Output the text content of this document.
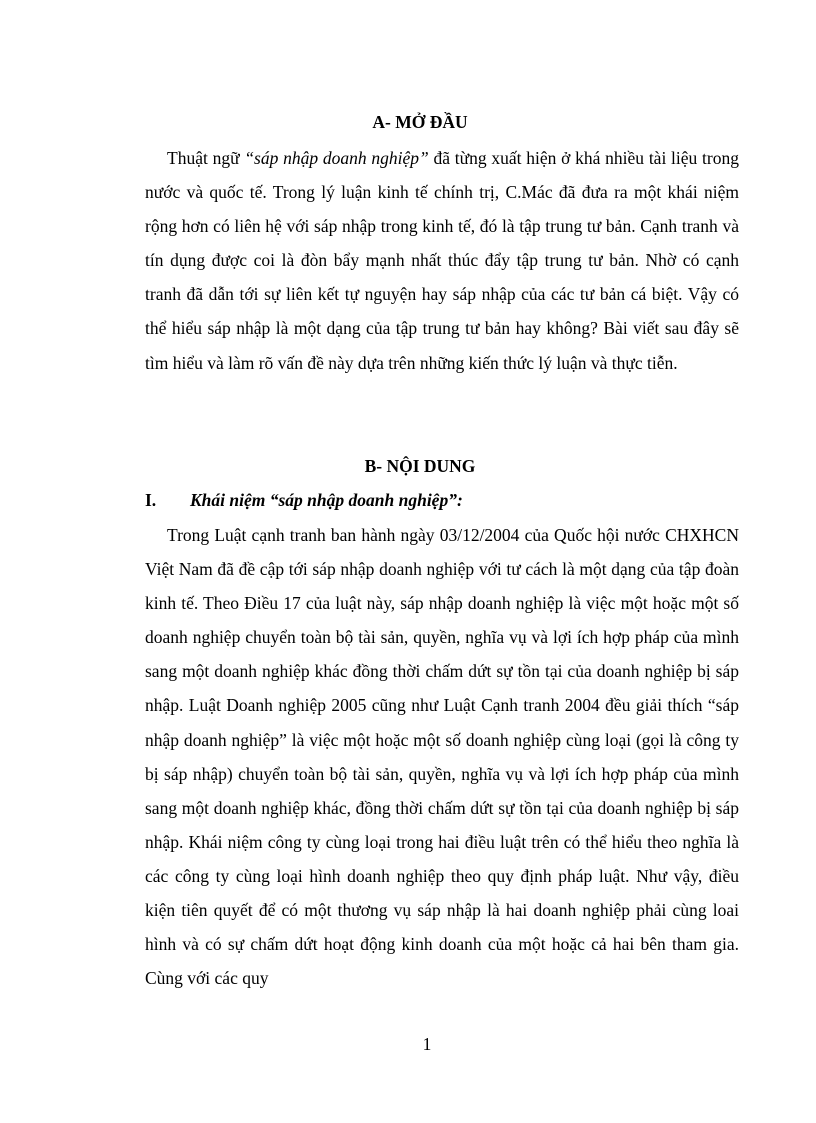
A- MỞ ĐẦU

Thuật ngữ “sáp nhập doanh nghiệp” đã từng xuất hiện ở khá nhiều tài liệu trong nước và quốc tế. Trong lý luận kinh tế chính trị, C.Mác đã đưa ra một khái niệm rộng hơn có liên hệ với sáp nhập trong kinh tế, đó là tập trung tư bản. Cạnh tranh và tín dụng được coi là đòn bẩy mạnh nhất thúc đẩy tập trung tư bản. Nhờ có cạnh tranh đã dẫn tới sự liên kết tự nguyện hay sáp nhập của các tư bản cá biệt. Vậy có thể hiểu sáp nhập là một dạng của tập trung tư bản hay không? Bài viết sau đây sẽ tìm hiểu và làm rõ vấn đề này dựa trên những kiến thức lý luận và thực tiễn.

B- NỘI DUNG
I. Khái niệm “sáp nhập doanh nghiệp”:

Trong Luật cạnh tranh ban hành ngày 03/12/2004 của Quốc hội nước CHXHCN Việt Nam đã đề cập tới sáp nhập doanh nghiệp với tư cách là một dạng của tập đoàn kinh tế. Theo Điều 17 của luật này, sáp nhập doanh nghiệp là việc một hoặc một số doanh nghiệp chuyển toàn bộ tài sản, quyền, nghĩa vụ và lợi ích hợp pháp của mình sang một doanh nghiệp khác đồng thời chấm dứt sự tồn tại của doanh nghiệp bị sáp nhập. Luật Doanh nghiệp 2005 cũng như Luật Cạnh tranh 2004 đều giải thích “sáp nhập doanh nghiệp” là việc một hoặc một số doanh nghiệp cùng loại (gọi là công ty bị sáp nhập) chuyển toàn bộ tài sản, quyền, nghĩa vụ và lợi ích hợp pháp của mình sang một doanh nghiệp khác, đồng thời chấm dứt sự tồn tại của doanh nghiệp bị sáp nhập. Khái niệm công ty cùng loại trong hai điều luật trên có thể hiểu theo nghĩa là các công ty cùng loại hình doanh nghiệp theo quy định pháp luật. Như vậy, điều kiện tiên quyết để có một thương vụ sáp nhập là hai doanh nghiệp phải cùng loai hình và có sự chấm dứt hoạt động kinh doanh của một hoặc cả hai bên tham gia. Cùng với các quy

1
